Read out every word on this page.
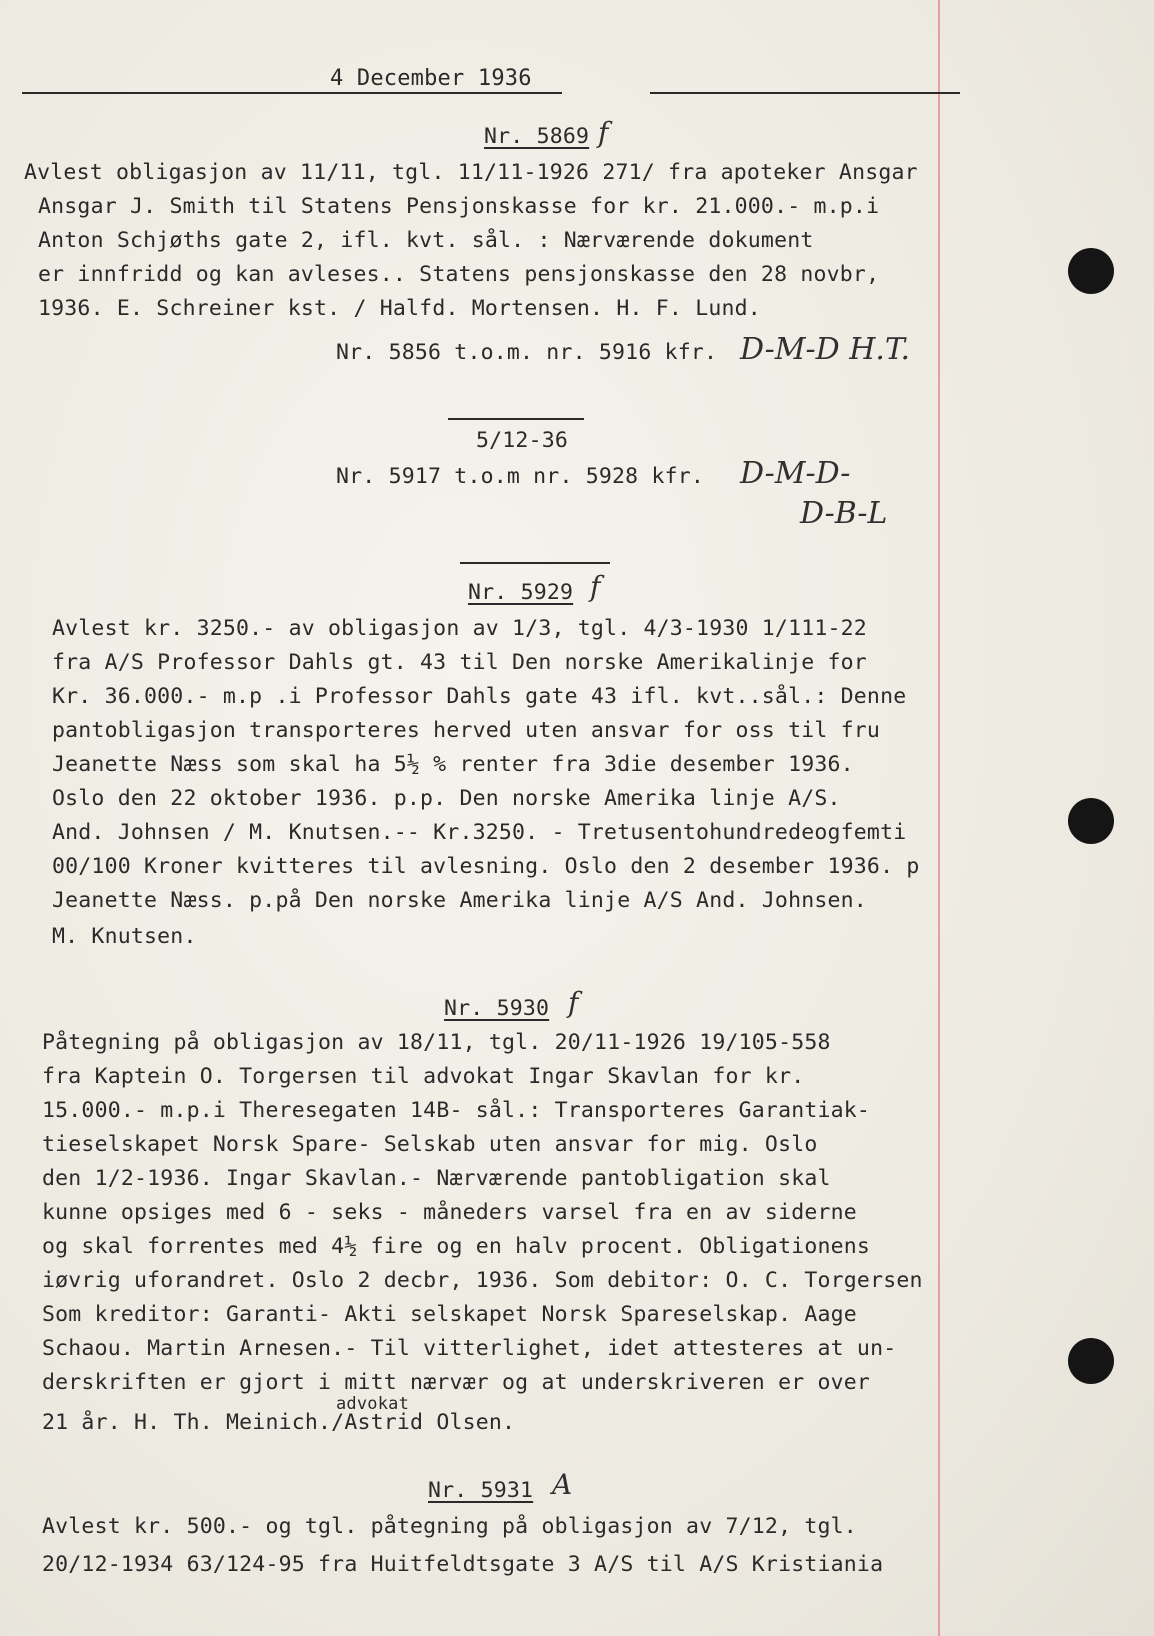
4 December 1936
Nr. 5869 f
Avlest obligasjon av 11/11, tgl. 11/11-1926 271/ fra apoteker Ansgar
Ansgar J. Smith til Statens Pensjonskasse for kr. 21.000.- m.p.i
Anton Schjøths gate 2, ifl. kvt. sål. : Nærværende dokument
er innfridd og kan avleses.. Statens pensjonskasse den 28 novbr,
1936. E. Schreiner kst. / Halfd. Mortensen. H. F. Lund.
Nr. 5856 t.o.m. nr. 5916 kfr. D-M-D H.T.
5/12-36
Nr. 5917 t.o.m nr. 5928 kfr. D-M-D-
D-B-L
Nr. 5929 f
Avlest kr. 3250.- av obligasjon av 1/3, tgl. 4/3-1930 1/111-22
fra A/S Professor Dahls gt. 43 til Den norske Amerikalinje for
Kr. 36.000.- m.p .i Professor Dahls gate 43 ifl. kvt..sål.: Denne
pantobligasjon transporteres herved uten ansvar for oss til fru
Jeanette Næss som skal ha 5½ % renter fra 3die desember 1936.
Oslo den 22 oktober 1936. p.p. Den norske Amerika linje A/S.
And. Johnsen / M. Knutsen.-- Kr.3250. - Tretusentohundredeogfemti
00/100 Kroner kvitteres til avlesning. Oslo den 2 desember 1936. p
Jeanette Næss. p.på Den norske Amerika linje A/S And. Johnsen.
M. Knutsen.
Nr. 5930 f
Påtegning på obligasjon av 18/11, tgl. 20/11-1926 19/105-558
fra Kaptein O. Torgersen til advokat Ingar Skavlan for kr.
15.000.- m.p.i Theresegaten 14B- sål.: Transporteres Garantiak-
tieselskapet Norsk Spare- Selskab uten ansvar for mig. Oslo
den 1/2-1936. Ingar Skavlan.- Nærværende pantobligation skal
kunne opsiges med 6 - seks - måneders varsel fra en av siderne
og skal forrentes med 4½ fire og en halv procent. Obligationens
iøvrig uforandret. Oslo 2 decbr, 1936. Som debitor: O. C. Torgersen
Som kreditor: Garanti- Akti selskapet Norsk Spareselskap. Aage
Schaou. Martin Arnesen.- Til vitterlighet, idet attesteres at un-
derskriften er gjort i mitt nærvær og at underskriveren er over
advokat
21 år. H. Th. Meinich./Astrid Olsen.
Nr. 5931 A
Avlest kr. 500.- og tgl. påtegning på obligasjon av 7/12, tgl.
20/12-1934 63/124-95 fra Huitfeldtsgate 3 A/S til A/S Kristiania
